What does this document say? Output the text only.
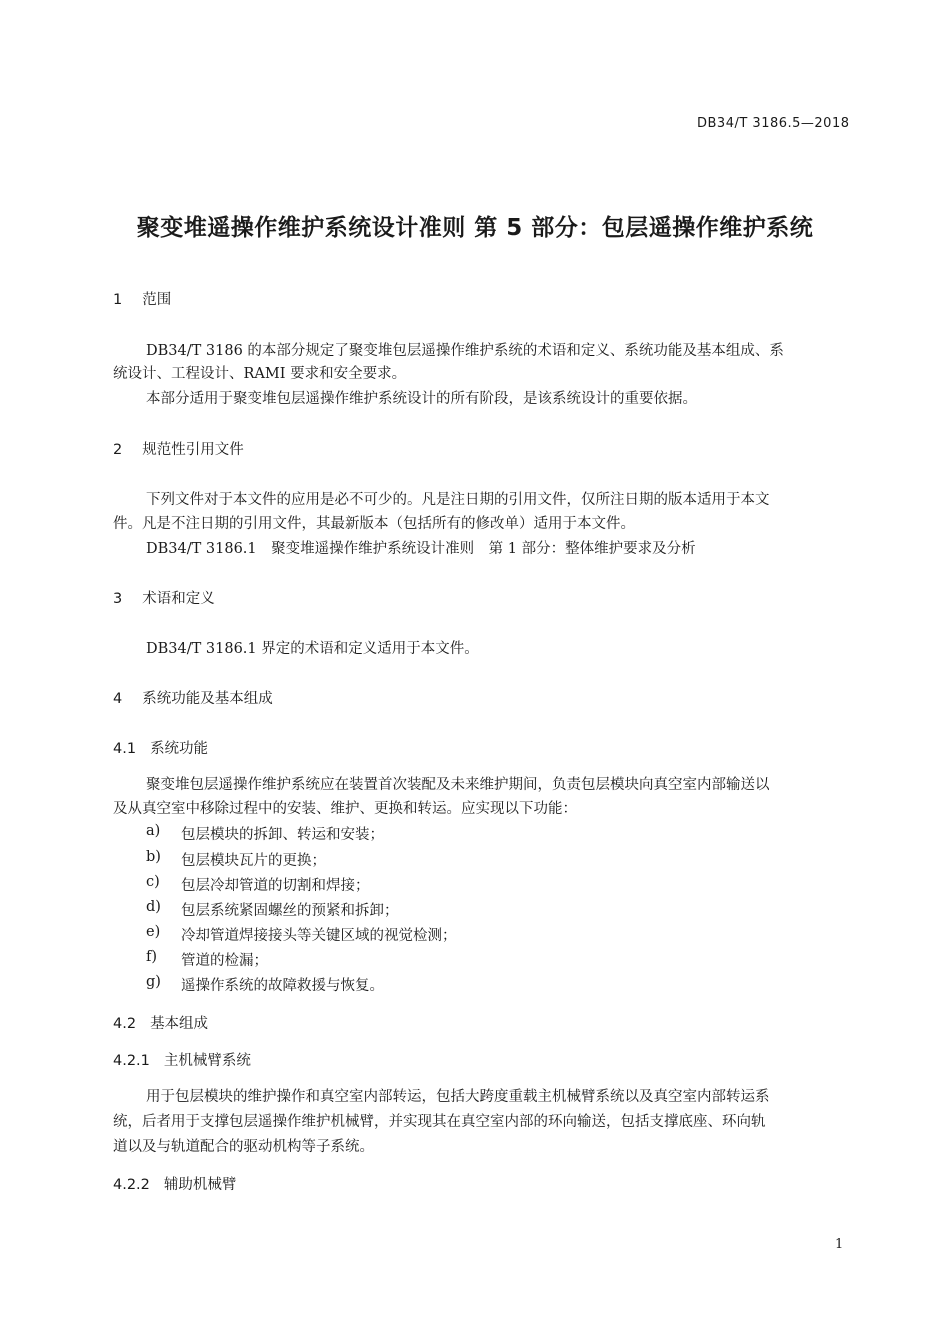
DB34/T 3186.5—2018
聚变堆遥操作维护系统设计准则 第 5 部分：包层遥操作维护系统
1 范围
DB34/T 3186 的本部分规定了聚变堆包层遥操作维护系统的术语和定义、系统功能及基本组成、系
统设计、工程设计、RAMI 要求和安全要求。
本部分适用于聚变堆包层遥操作维护系统设计的所有阶段，是该系统设计的重要依据。
2 规范性引用文件
下列文件对于本文件的应用是必不可少的。凡是注日期的引用文件，仅所注日期的版本适用于本文
件。凡是不注日期的引用文件，其最新版本（包括所有的修改单）适用于本文件。
DB34/T 3186.1　聚变堆遥操作维护系统设计准则　第 1 部分：整体维护要求及分析
3 术语和定义
DB34/T 3186.1 界定的术语和定义适用于本文件。
4 系统功能及基本组成
4.1 系统功能
聚变堆包层遥操作维护系统应在装置首次装配及未来维护期间，负责包层模块向真空室内部输送以
及从真空室中移除过程中的安装、维护、更换和转运。应实现以下功能：
a) 包层模块的拆卸、转运和安装；
b) 包层模块瓦片的更换；
c) 包层冷却管道的切割和焊接；
d) 包层系统紧固螺丝的预紧和拆卸；
e) 冷却管道焊接接头等关键区域的视觉检测；
f) 管道的检漏；
g) 遥操作系统的故障救援与恢复。
4.2 基本组成
4.2.1 主机械臂系统
用于包层模块的维护操作和真空室内部转运，包括大跨度重载主机械臂系统以及真空室内部转运系
统，后者用于支撑包层遥操作维护机械臂，并实现其在真空室内部的环向输送，包括支撑底座、环向轨
道以及与轨道配合的驱动机构等子系统。
4.2.2 辅助机械臂
1
